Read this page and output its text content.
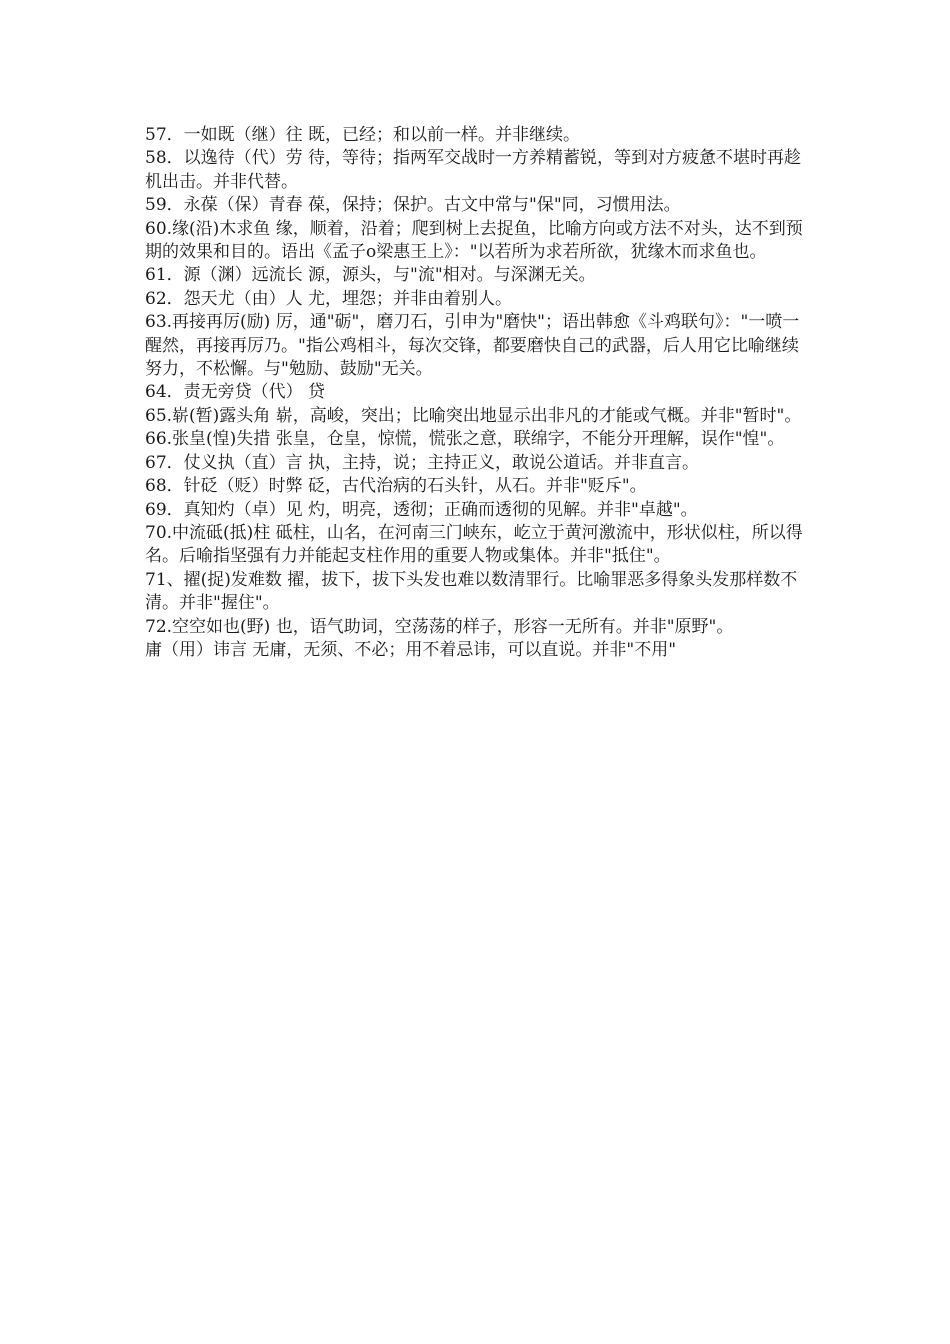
57．一如既（继）往 既，已经；和以前一样。并非继续。

58．以逸待（代）劳 待，等待；指两军交战时一方养精蓄锐，等到对方疲惫不堪时再趁机出击。并非代替。

59．永葆（保）青春 葆，保持；保护。古文中常与"保"同，习惯用法。

60.缘(沿)木求鱼 缘，顺着，沿着；爬到树上去捉鱼，比喻方向或方法不对头，达不到预期的效果和目的。语出《孟子o梁惠王上》："以若所为求若所欲，犹缘木而求鱼也。

61．源（渊）远流长 源，源头，与"流"相对。与深渊无关。

62．怨天尤（由）人 尤，埋怨；并非由着别人。

63.再接再厉(励) 厉，通"砺"，磨刀石，引申为"磨快"；语出韩愈《斗鸡联句》："一喷一醒然，再接再厉乃。"指公鸡相斗，每次交锋，都要磨快自己的武器，后人用它比喻继续努力，不松懈。与"勉励、鼓励"无关。

64．责无旁贷（代） 贷

65.崭(暂)露头角 崭，高峻，突出；比喻突出地显示出非凡的才能或气概。并非"暂时"。

66.张皇(惶)失措 张皇，仓皇，惊慌，慌张之意，联绵字，不能分开理解，误作"惶"。

67．仗义执（直）言 执，主持，说；主持正义，敢说公道话。并非直言。

68．针砭（贬）时弊 砭，古代治病的石头针，从石。并非"贬斥"。

69．真知灼（卓）见 灼，明亮，透彻；正确而透彻的见解。并非"卓越"。

70.中流砥(抵)柱 砥柱，山名，在河南三门峡东，屹立于黄河激流中，形状似柱，所以得名。后喻指坚强有力并能起支柱作用的重要人物或集体。并非"抵住"。

71、擢(捉)发难数 擢，拔下，拔下头发也难以数清罪行。比喻罪恶多得象头发那样数不清。并非"握住"。

72.空空如也(野) 也，语气助词，空荡荡的样子，形容一无所有。并非"原野"。

庸（用）讳言 无庸，无须、不必；用不着忌讳，可以直说。并非"不用"
